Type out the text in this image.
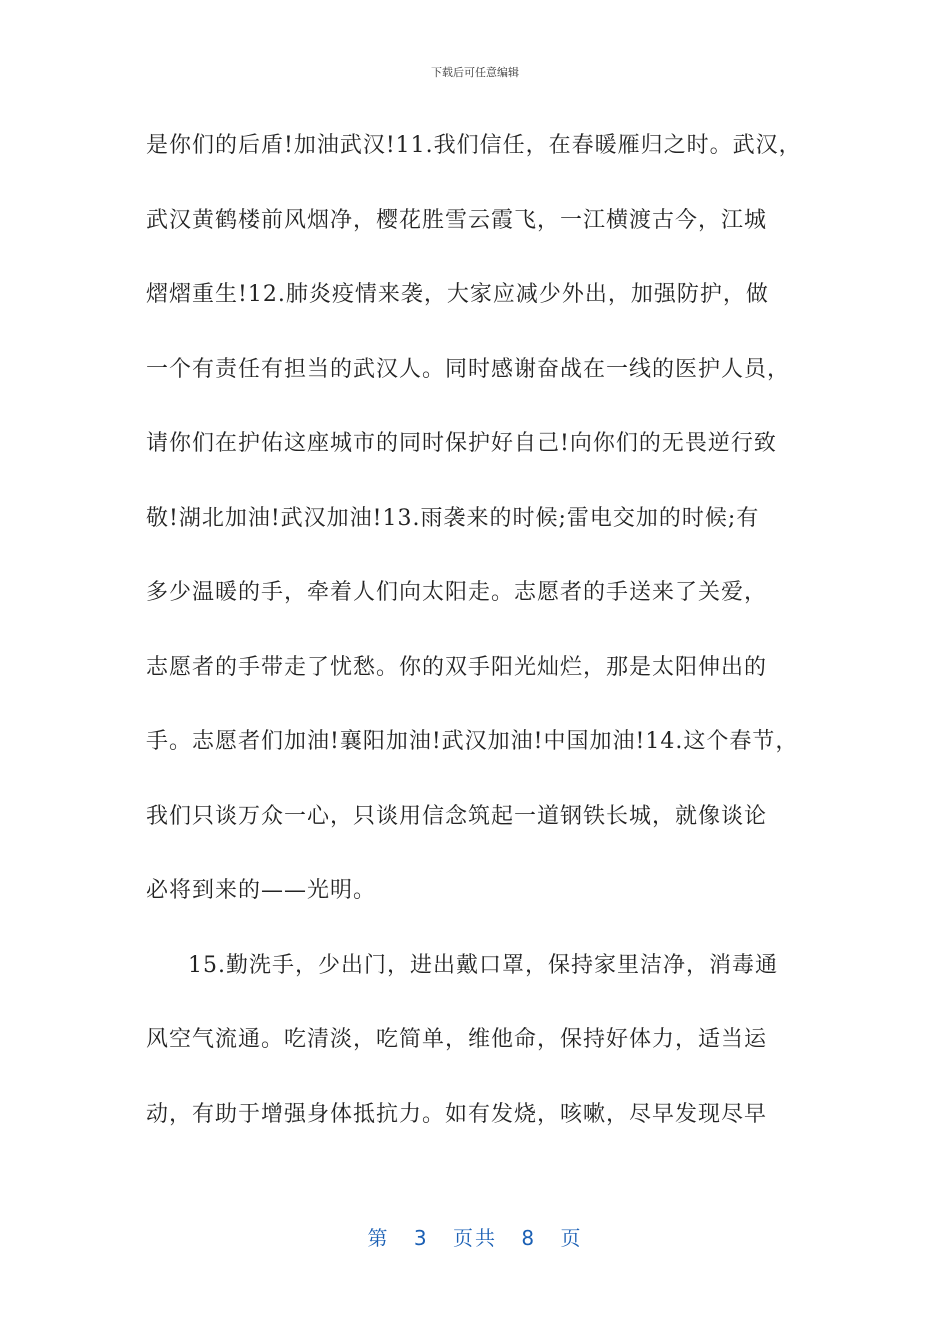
下载后可任意编辑
是你们的后盾!加油武汉!11.我们信任，在春暖雁归之时。武汉，
武汉黄鹤楼前风烟净，樱花胜雪云霞飞，一江横渡古今，江城
熠熠重生!12.肺炎疫情来袭，大家应减少外出，加强防护，做
一个有责任有担当的武汉人。同时感谢奋战在一线的医护人员，
请你们在护佑这座城市的同时保护好自己!向你们的无畏逆行致
敬!湖北加油!武汉加油!13.雨袭来的时候;雷电交加的时候;有
多少温暖的手，牵着人们向太阳走。志愿者的手送来了关爱，
志愿者的手带走了忧愁。你的双手阳光灿烂，那是太阳伸出的
手。志愿者们加油!襄阳加油!武汉加油!中国加油!14.这个春节，
我们只谈万众一心，只谈用信念筑起一道钢铁长城，就像谈论
必将到来的——光明。
15.勤洗手，少出门，进出戴口罩，保持家里洁净，消毒通
风空气流通。吃清淡，吃简单，维他命，保持好体力，适当运
动，有助于增强身体抵抗力。如有发烧，咳嗽，尽早发现尽早
第 3 页共 8 页
